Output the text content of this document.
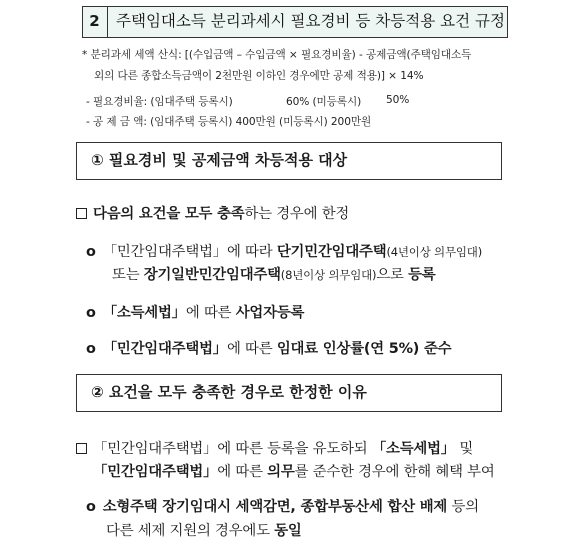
2	주택임대소득 분리과세시 필요경비 등 차등적용 요건 규정
* 분리과세 세액 산식: [(수입금액 – 수입금액 × 필요경비율) - 공제금액(주택임대소득
외의 다른 종합소득금액이 2천만원 이하인 경우에만 공제 적용)] × 14%
- 필요경비율: (임대주택 등록시)	60% (미등록시) 50%
- 공 제 금 액: (임대주택 등록시) 400만원 (미등록시) 200만원
① 필요경비 및 공제금액 차등적용 대상
다음의 요건을 모두 충족하는 경우에 한정
o 「민간임대주택법」에 따라 단기민간임대주택(4년이상 의무임대)
또는 장기일반민간임대주택(8년이상 의무임대)으로 등록
o 「소득세법」에 따른 사업자등록
o 「민간임대주택법」에 따른 임대료 인상률(연 5%) 준수
② 요건을 모두 충족한 경우로 한정한 이유
「민간임대주택법」에 따른 등록을 유도하되 「소득세법」 및
「민간임대주택법」에 따른 의무를 준수한 경우에 한해 혜택 부여
o 소형주택 장기임대시 세액감면, 종합부동산세 합산 배제 등의
다른 세제 지원의 경우에도 동일
